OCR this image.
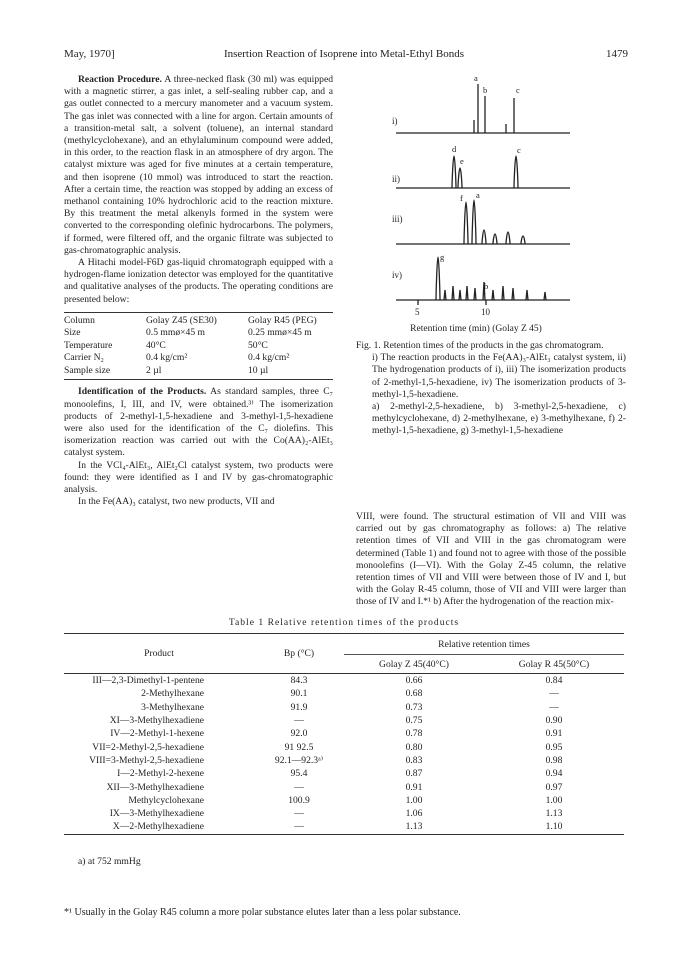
May, 1970]	Insertion Reaction of Isoprene into Metal-Ethyl Bonds	1479

Reaction Procedure. A three-necked flask (30 ml) was equipped with a magnetic stirrer, a gas inlet, a self-sealing rubber cap, and a gas outlet connected to a mercury manometer and a vacuum system. The gas inlet was connected with a line for argon. Certain amounts of a transition-metal salt, a solvent (toluene), an internal standard (methylcyclohexane), and an ethylaluminum compound were added, in this order, to the reaction flask in an atmosphere of dry argon. The catalyst mixture was aged for five minutes at a certain temperature, and then isoprene (10 mmol) was introduced to start the reaction. After a certain time, the reaction was stopped by adding an excess of methanol containing 10% hydrochloric acid to the reaction mixture. By this treatment the metal alkenyls formed in the system were converted to the corresponding olefinic hydrocarbons. The polymers, if formed, were filtered off, and the organic filtrate was subjected to gas-chromatographic analysis.

A Hitachi model-F6D gas-liquid chromatograph equipped with a hydrogen-flame ionization detector was employed for the quantitative and qualitative analyses of the products. The operating conditions are presented below:

Column	Golay Z45 (SE30)	Golay R45 (PEG)
Size	0.5 mmø×45 m	0.25 mmø×45 m
Temperature	40°C	50°C
Carrier N₂	0.4 kg/cm²	0.4 kg/cm²
Sample size	2 µl	10 µl

Identification of the Products. As standard samples, three C₇ monoolefins, I, III, and IV, were obtained.³⁾ The isomerization products of 2-methyl-1,5-hexadiene and 3-methyl-1,5-hexadiene were also used for the identification of the C₇ diolefins. This isomerization reaction was carried out with the Co(AA)₂-AlEt₃ catalyst system.

In the VCl₄-AlEt₃, AlEt₂Cl catalyst system, two products were found: they were identified as I and IV by gas-chromatographic analysis.

In the Fe(AA)₃ catalyst, two new products, VII and

i)
a
b	c
ii)
d
e
c
iii)
f a
iv)
g
b
5	10
Retention time (min) (Golay Z 45)

Fig. 1. Retention times of the products in the gas chromatogram.

i) The reaction products in the Fe(AA)₃-AlEt₃ catalyst system, ii) The hydrogenation products of i), iii) The isomerization products of 2-methyl-1,5-hexadiene, iv) The isomerization products of 3-methyl-1,5-hexadiene.

a) 2-methyl-2,5-hexadiene, b) 3-methyl-2,5-hexadiene, c) methylcyclohexane, d) 2-methylhexane, e) 3-methylhexane, f) 2-methyl-1,5-hexadiene, g) 3-methyl-1,5-hexadiene

VIII, were found. The structural estimation of VII and VIII was carried out by gas chromatography as follows: a) The relative retention times of VII and VIII in the gas chromatogram were determined (Table 1) and found not to agree with those of the possible monoolefins (I—VI). With the Golay Z-45 column, the relative retention times of VII and VIII were between those of IV and I, but with the Golay R-45 column, those of VII and VIII were larger than those of IV and I.*¹ b) After the hydrogenation of the reaction mix-

Table 1 Relative retention times of the products
Product	Bp (°C)	Relative retention times	
		Golay Z 45(40°C)	Golay R 45(50°C)
III—2,3-Dimethyl-1-pentene	84.3	0.66	0.84
2-Methylhexane	90.1	0.68	—
3-Methylhexane	91.9	0.73	—
XI—3-Methylhexadiene	—	0.75	0.90
IV—2-Methyl-1-hexene	92.0	0.78	0.91
VII=2-Methyl-2,5-hexadiene	91 92.5	0.80	0.95
VIII=3-Methyl-2,5-hexadiene	92.1—92.3ᵃ⁾	0.83	0.98
I—2-Methyl-2-hexene	95.4	0.87	0.94
XII—3-Methylhexadiene	—	0.91	0.97
Methylcyclohexane	100.9	1.00	1.00
IX—3-Methylhexadiene	—	1.06	1.13
X—2-Methylhexadiene	—	1.13	1.10
a) at 752 mmHg
*¹ Usually in the Golay R45 column a more polar substance elutes later than a less polar substance.
